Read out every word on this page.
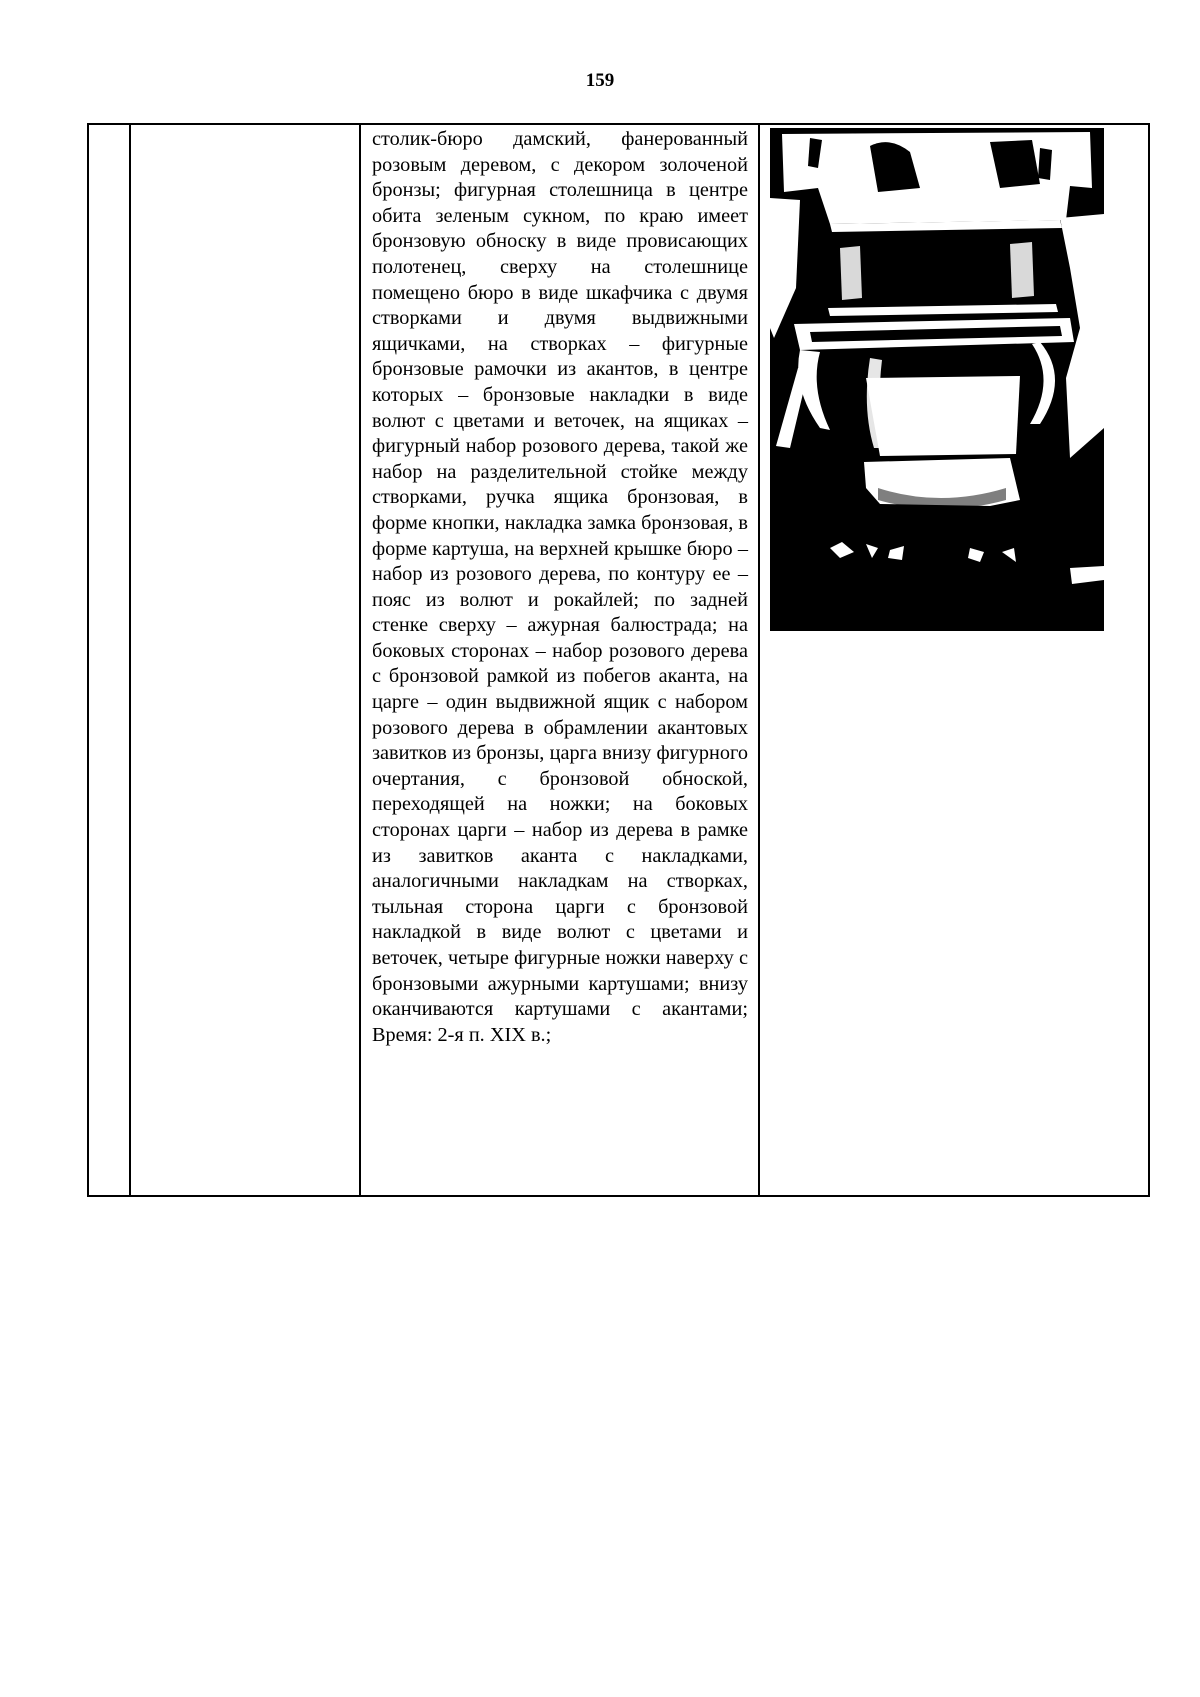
159

столик-бюро дамский, фанерованный розовым деревом, с декором золоченой бронзы; фигурная столешница в центре обита зеленым сукном, по краю имеет бронзовую обноску в виде провисающих полотенец, сверху на столешнице помещено бюро в виде шкафчика с двумя створками и двумя выдвижными ящичками, на створках – фигурные бронзовые рамочки из акантов, в центре которых – бронзовые накладки в виде волют с цветами и веточек, на ящиках – фигурный набор розового дерева, такой же набор на разделительной стойке между створками, ручка ящика бронзовая, в форме кнопки, накладка замка бронзовая, в форме картуша, на верхней крышке бюро – набор из розового дерева, по контуру ее – пояс из волют и рокайлей; по задней стенке сверху – ажурная балюстрада; на боковых сторонах – набор розового дерева с бронзовой рамкой из побегов аканта, на царге – один выдвижной ящик с набором розового дерева в обрамлении акантовых завитков из бронзы, царга внизу фигурного очертания, с бронзовой обноской, переходящей на ножки; на боковых сторонах царги – набор из дерева в рамке из завитков аканта с накладками, аналогичными накладкам на створках, тыльная сторона царги с бронзовой накладкой в виде волют с цветами и веточек, четыре фигурные ножки наверху с бронзовыми ажурными картушами; внизу оканчиваются картушами с акантами; Время: 2-я п. XIX в.;
